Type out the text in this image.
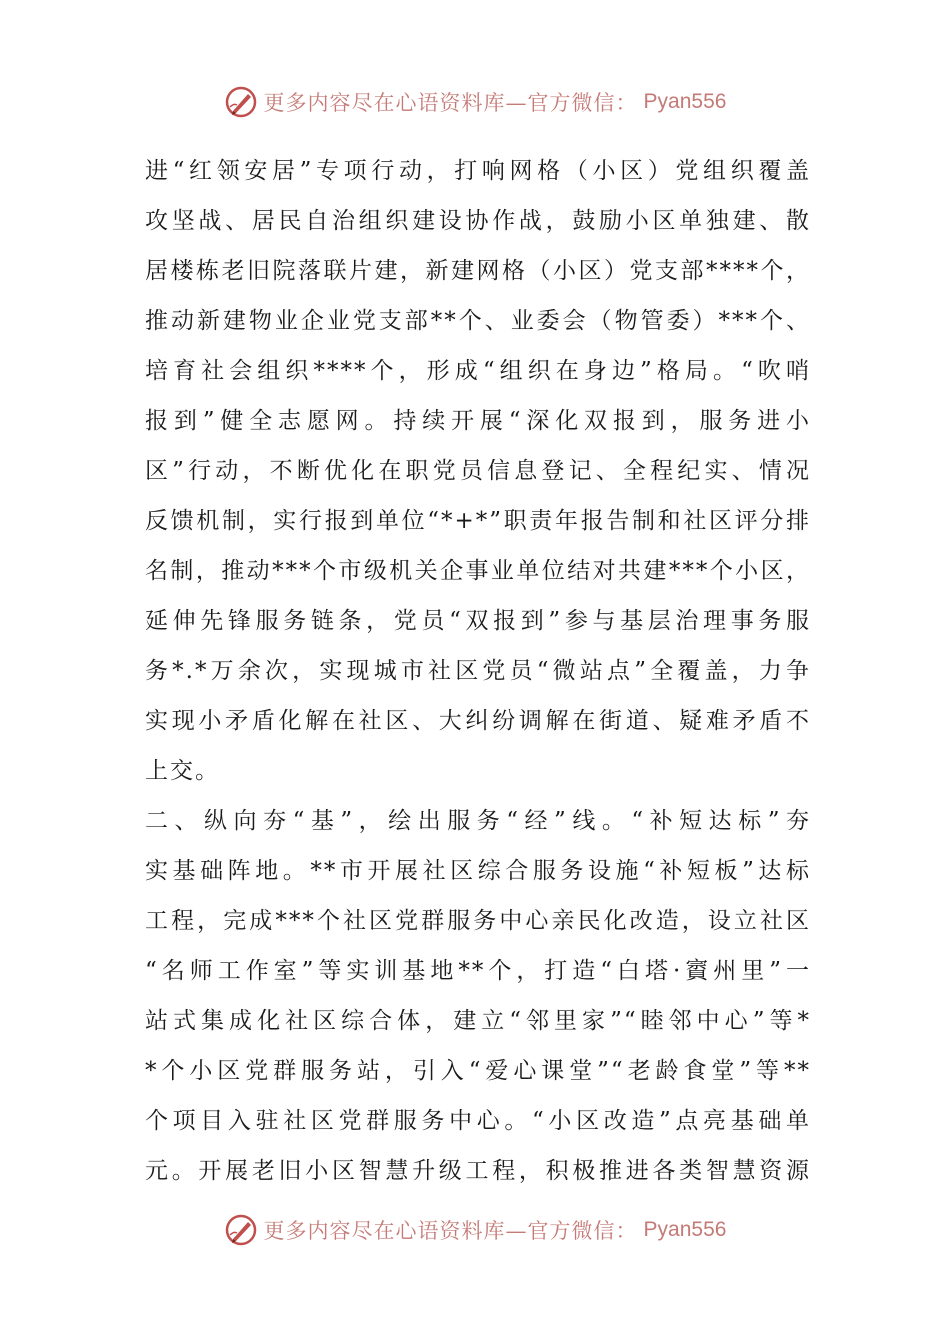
更多内容尽在心语资料库—官方微信： Pyan556
进“红领安居”专项行动，打响网格（小区）党组织覆盖
攻坚战、居民自治组织建设协作战，鼓励小区单独建、散
居楼栋老旧院落联片建，新建网格（小区）党支部****个，
推动新建物业企业党支部**个、业委会（物管委）***个、
培育社会组织****个，形成“组织在身边”格局。“吹哨
报到”健全志愿网。持续开展“深化双报到，服务进小
区”行动，不断优化在职党员信息登记、全程纪实、情况
反馈机制，实行报到单位“*+*”职责年报告制和社区评分排
名制，推动***个市级机关企事业单位结对共建***个小区，
延伸先锋服务链条，党员“双报到”参与基层治理事务服
务*.*万余次，实现城市社区党员“微站点”全覆盖，力争
实现小矛盾化解在社区、大纠纷调解在街道、疑难矛盾不
上交。
二、纵向夯“基”，绘出服务“经”线。“补短达标”夯
实基础阵地。**市开展社区综合服务设施“补短板”达标
工程，完成***个社区党群服务中心亲民化改造，设立社区
“名师工作室”等实训基地**个，打造“白塔·賨州里”一
站式集成化社区综合体，建立“邻里家”“睦邻中心”等*
*个小区党群服务站，引入“爱心课堂”“老龄食堂”等**
个项目入驻社区党群服务中心。“小区改造”点亮基础单
元。开展老旧小区智慧升级工程，积极推进各类智慧资源
更多内容尽在心语资料库—官方微信： Pyan556
